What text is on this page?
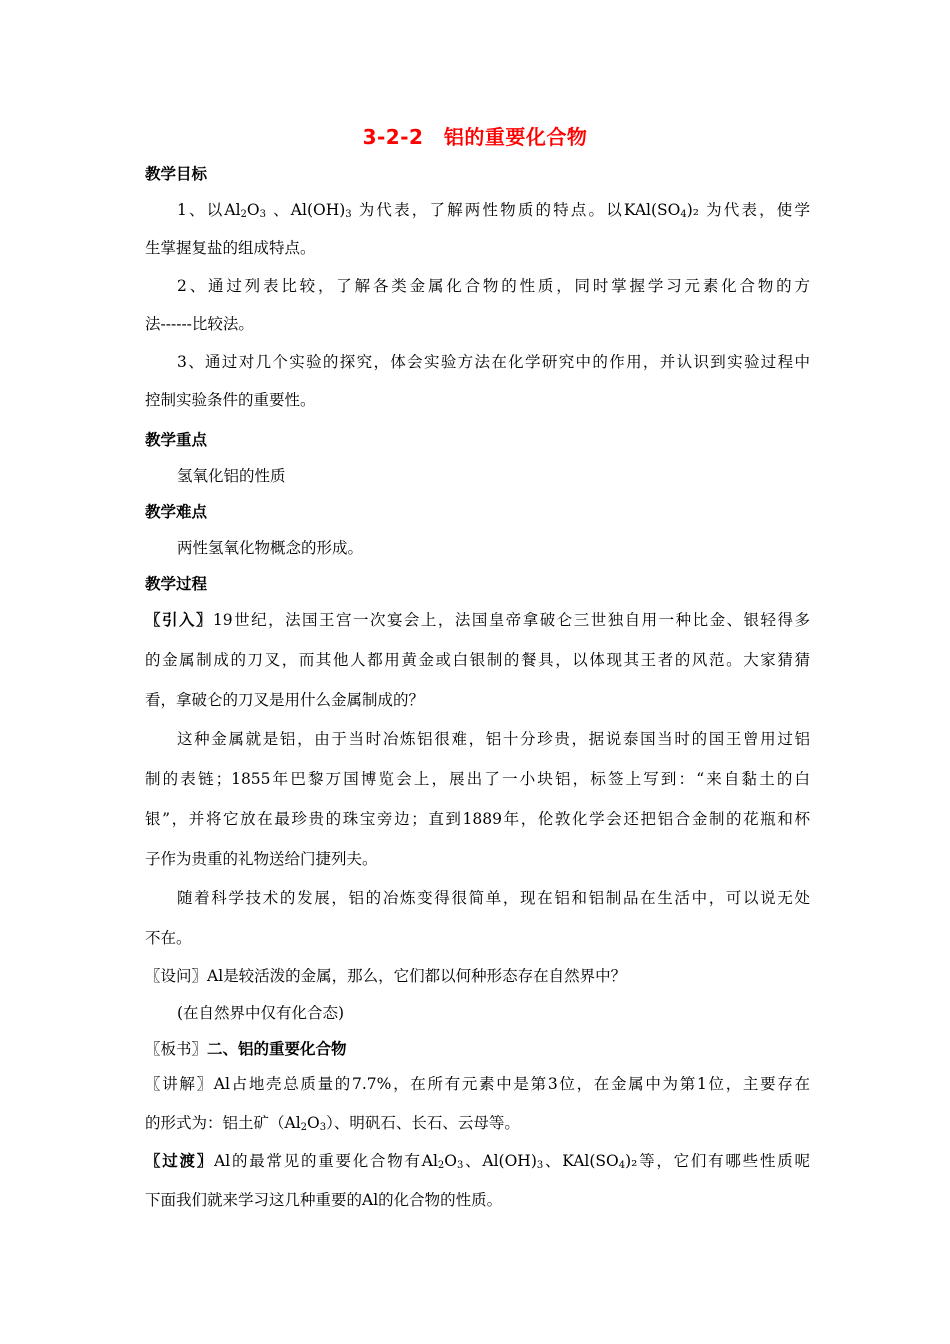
3-2-2　铝的重要化合物
教学目标
1、以$Al_2O_3$ 、$Al(OH)_3$ 为代表，了解两性物质的特点。以$KAl(SO_4)_2$ 为代表，使学
生掌握复盐的组成特点。
2、通过列表比较，了解各类金属化合物的性质，同时掌握学习元素化合物的方
法------比较法。
3、通过对几个实验的探究，体会实验方法在化学研究中的作用，并认识到实验过程中
控制实验条件的重要性。
教学重点
氢氧化铝的性质
教学难点
两性氢氧化物概念的形成。
教学过程
〖引入〗19世纪，法国王宫一次宴会上，法国皇帝拿破仑三世独自用一种比金、银轻得多
的金属制成的刀叉，而其他人都用黄金或白银制的餐具，以体现其王者的风范。大家猜猜
看，拿破仑的刀叉是用什么金属制成的？
这种金属就是铝，由于当时冶炼铝很难，铝十分珍贵，据说泰国当时的国王曾用过铝
制的表链；1855年巴黎万国博览会上，展出了一小块铝，标签上写到：“来自黏土的白
银”，并将它放在最珍贵的珠宝旁边；直到1889年，伦敦化学会还把铝合金制的花瓶和杯
子作为贵重的礼物送给门捷列夫。
随着科学技术的发展，铝的冶炼变得很简单，现在铝和铝制品在生活中，可以说无处
不在。
〖设问〗Al是较活泼的金属，那么，它们都以何种形态存在自然界中？
(在自然界中仅有化合态)
〖板书〗二、铝的重要化合物
〖讲解〗Al占地壳总质量的7.7%，在所有元素中是第3位，在金属中为第1位，主要存在
的形式为：铝土矿$(Al_2O_3)$、明矾石、长石、云母等。
〖过渡〗Al的最常见的重要化合物有$Al_2O_3$、$Al(OH)_3$、$KAl(SO_4)_2$等，它们有哪些性质呢
下面我们就来学习这几种重要的Al的化合物的性质。
